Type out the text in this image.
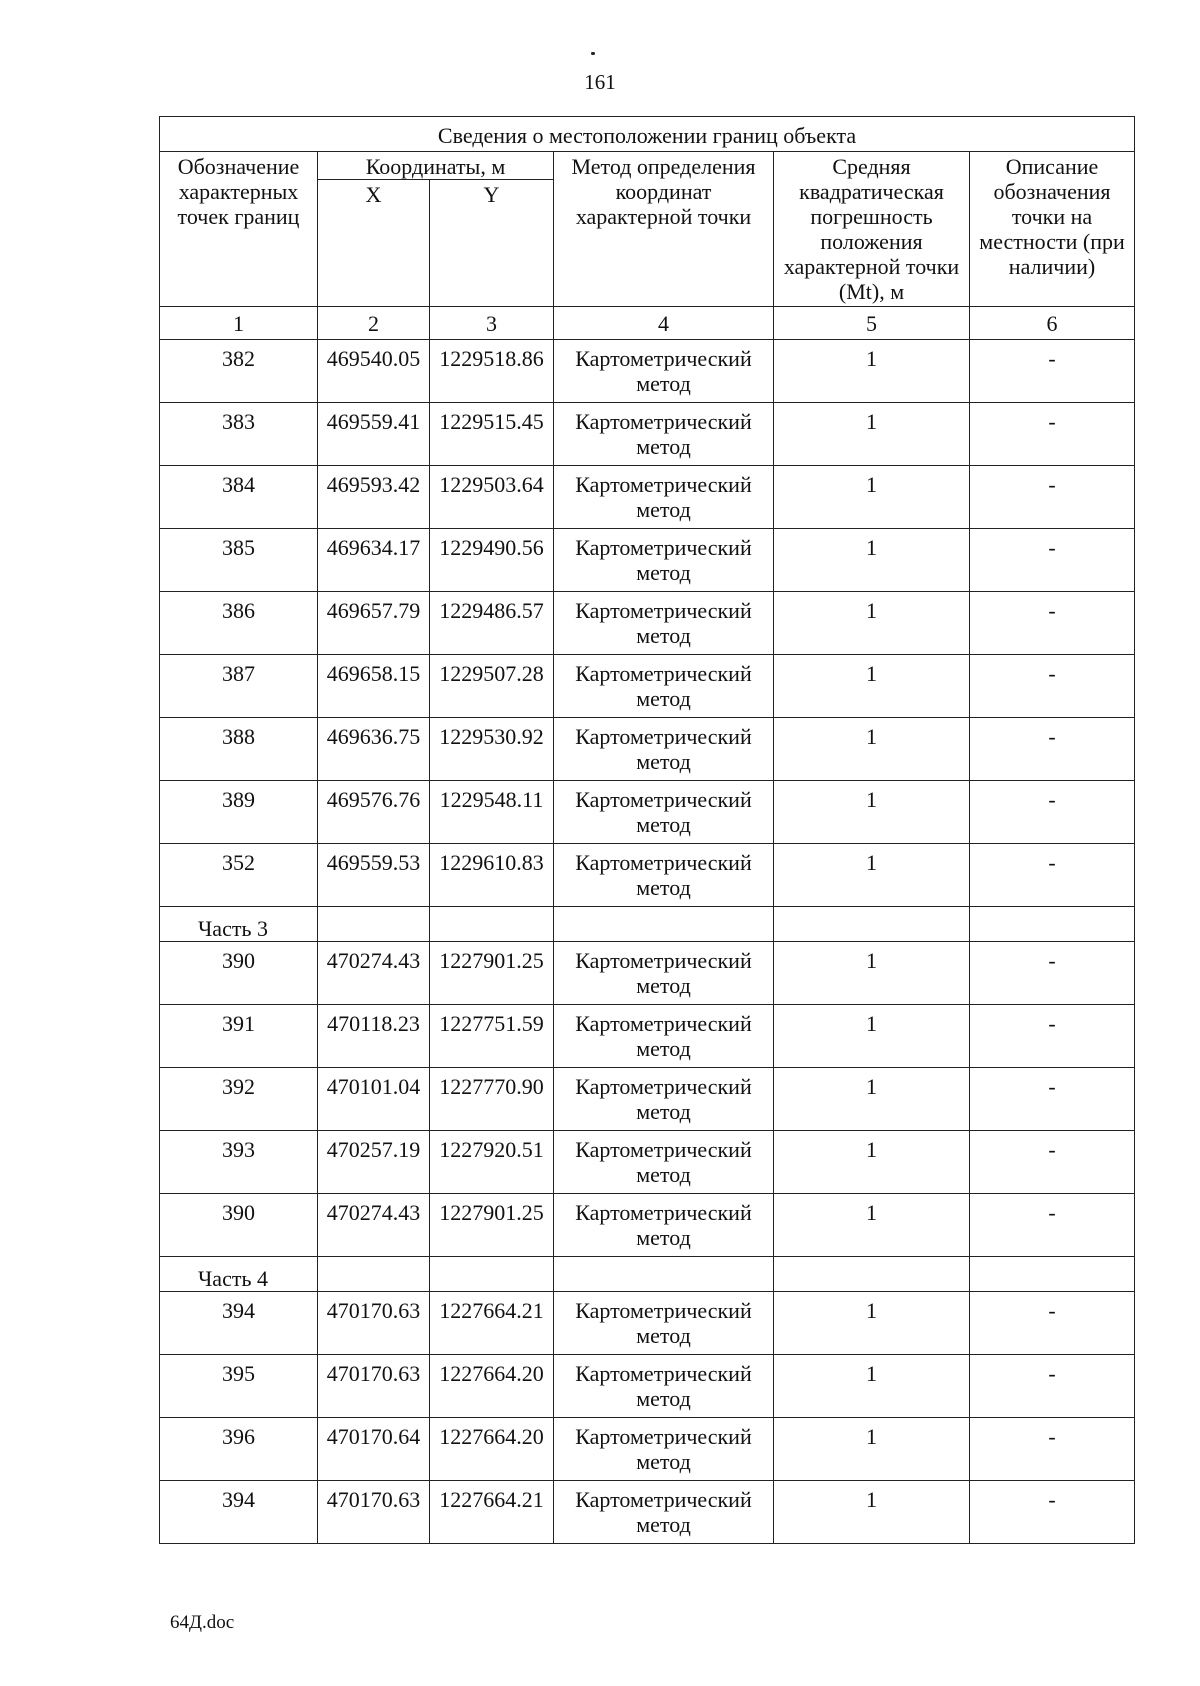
161
Сведения о местоположении границ объекта					
Обозначение характерных точек границ	Координаты, м		Метод определения координат характерной точки	Средняя квадратическая погрешность положения характерной точки (Mt), м	Описание обозначения точки на местности (при наличии)
	X	Y			
1	2	3	4	5	6
382	469540.05	1229518.86	Картометрический метод	1	-
383	469559.41	1229515.45	Картометрический метод	1	-
384	469593.42	1229503.64	Картометрический метод	1	-
385	469634.17	1229490.56	Картометрический метод	1	-
386	469657.79	1229486.57	Картометрический метод	1	-
387	469658.15	1229507.28	Картометрический метод	1	-
388	469636.75	1229530.92	Картометрический метод	1	-
389	469576.76	1229548.11	Картометрический метод	1	-
352	469559.53	1229610.83	Картометрический метод	1	-
Часть 3					
390	470274.43	1227901.25	Картометрический метод	1	-
391	470118.23	1227751.59	Картометрический метод	1	-
392	470101.04	1227770.90	Картометрический метод	1	-
393	470257.19	1227920.51	Картометрический метод	1	-
390	470274.43	1227901.25	Картометрический метод	1	-
Часть 4					
394	470170.63	1227664.21	Картометрический метод	1	-
395	470170.63	1227664.20	Картометрический метод	1	-
396	470170.64	1227664.20	Картометрический метод	1	-
394	470170.63	1227664.21	Картометрический метод	1	-
64Д.doc
